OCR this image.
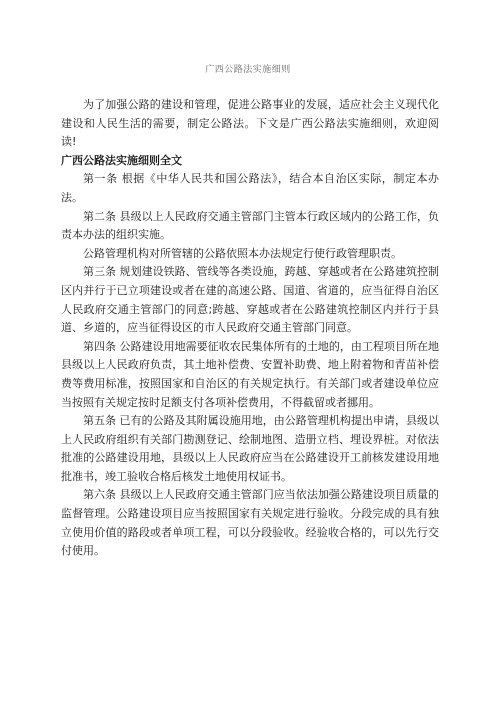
广西公路法实施细则

为了加强公路的建设和管理，促进公路事业的发展，适应社会主义现代化建设和人民生活的需要，制定公路法。下文是广西公路法实施细则，欢迎阅读!

广西公路法实施细则全文

第一条 根据《中华人民共和国公路法》，结合本自治区实际，制定本办法。

第二条 县级以上人民政府交通主管部门主管本行政区域内的公路工作，负责本办法的组织实施。

公路管理机构对所管辖的公路依照本办法规定行使行政管理职责。

第三条 规划建设铁路、管线等各类设施，跨越、穿越或者在公路建筑控制区内并行于已立项建设或者在建的高速公路、国道、省道的，应当征得自治区人民政府交通主管部门的同意;跨越、穿越或者在公路建筑控制区内并行于县道、乡道的，应当征得设区的市人民政府交通主管部门同意。

第四条 公路建设用地需要征收农民集体所有的土地的，由工程项目所在地县级以上人民政府负责，其土地补偿费、安置补助费、地上附着物和青苗补偿费等费用标准，按照国家和自治区的有关规定执行。有关部门或者建设单位应当按照有关规定按时足额支付各项补偿费用，不得截留或者挪用。

第五条 已有的公路及其附属设施用地，由公路管理机构提出申请，县级以上人民政府组织有关部门勘测登记、绘制地图、造册立档、埋设界桩。对依法批准的公路建设用地，县级以上人民政府应当在公路建设开工前核发建设用地批准书，竣工验收合格后核发土地使用权证书。

第六条 县级以上人民政府交通主管部门应当依法加强公路建设项目质量的监督管理。公路建设项目应当按照国家有关规定进行验收。分段完成的具有独立使用价值的路段或者单项工程，可以分段验收。经验收合格的，可以先行交付使用。
